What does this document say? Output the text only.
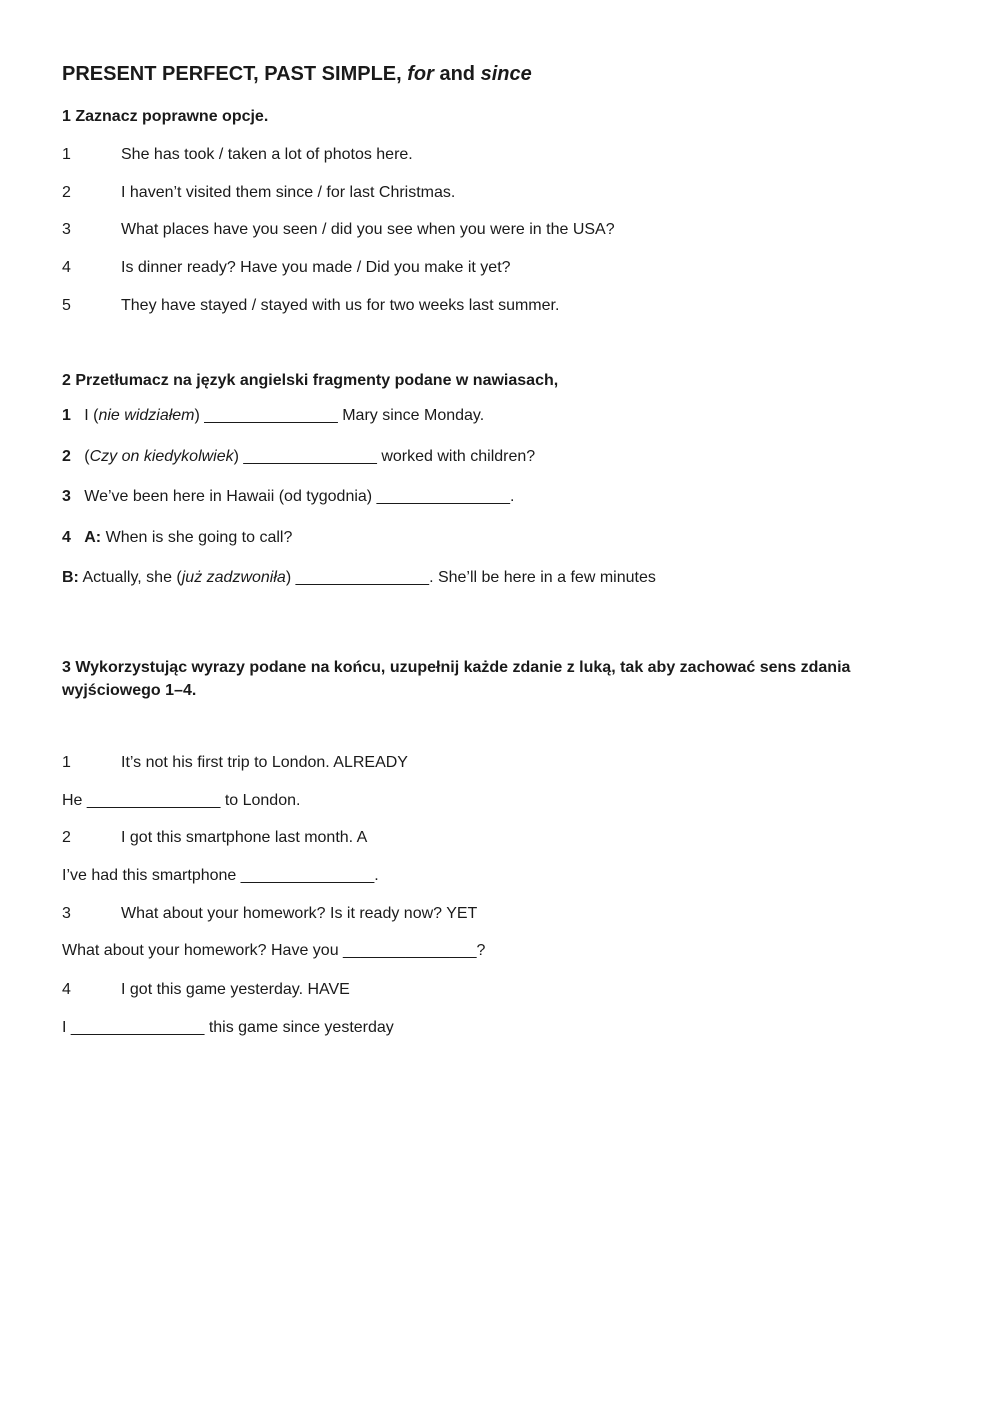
PRESENT PERFECT, PAST SIMPLE, for and since
1 Zaznacz poprawne opcje.
1	She has took / taken a lot of photos here.
2	I haven’t visited them since / for last Christmas.
3	What places have you seen / did you see when you were in the USA?
4	Is dinner ready? Have you made / Did you make it yet?
5	They have stayed / stayed with us for two weeks last summer.
2 Przetłumacz na język angielski fragmenty podane w nawiasach,
1 I (nie widziałem) _______________ Mary since Monday.
2 (Czy on kiedykolwiek) _______________ worked with children?
3 We’ve been here in Hawaii (od tygodnia) _______________.
4 A: When is she going to call?
B: Actually, she (już zadzwoniła) _______________. She’ll be here in a few minutes
3 Wykorzystując wyrazy podane na końcu, uzupełnij każde zdanie z luką, tak aby zachować sens zdania wyjściowego 1–4.
1	It’s not his first trip to London. ALREADY
He _______________ to London.
2	I got this smartphone last month. A
I’ve had this smartphone _______________.
3	What about your homework? Is it ready now? YET
What about your homework? Have you _______________?
4	I got this game yesterday. HAVE
I _______________ this game since yesterday
